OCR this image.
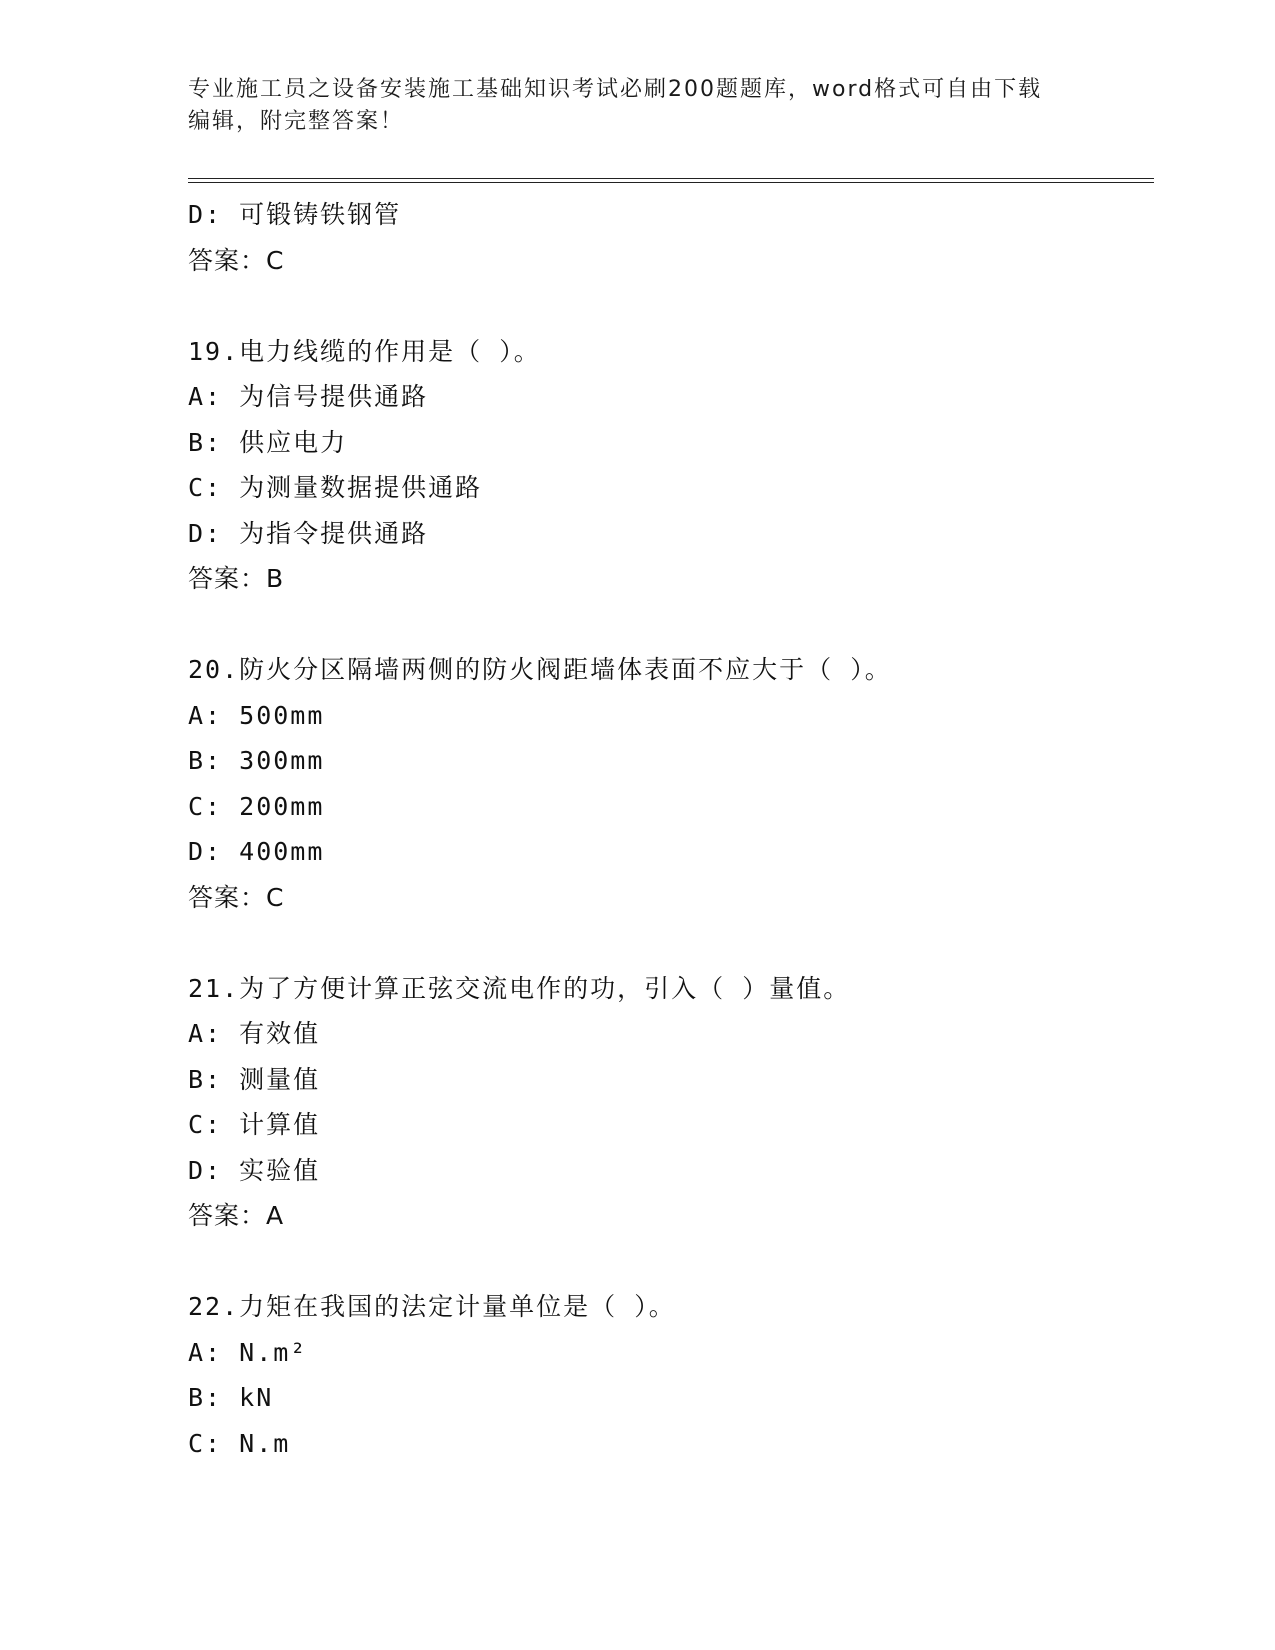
专业施工员之设备安装施工基础知识考试必刷200题题库，word格式可自由下载
编辑，附完整答案！
D: 可锻铸铁钢管
答案：C
19.电力线缆的作用是（ ）。
A: 为信号提供通路
B: 供应电力
C: 为测量数据提供通路
D: 为指令提供通路
答案：B
20.防火分区隔墙两侧的防火阀距墙体表面不应大于（ ）。
A: 500mm
B: 300mm
C: 200mm
D: 400mm
答案：C
21.为了方便计算正弦交流电作的功，引入（ ）量值。
A: 有效值
B: 测量值
C: 计算值
D: 实验值
答案：A
22.力矩在我国的法定计量单位是（ ）。
A: N.m²
B: kN
C: N.m
